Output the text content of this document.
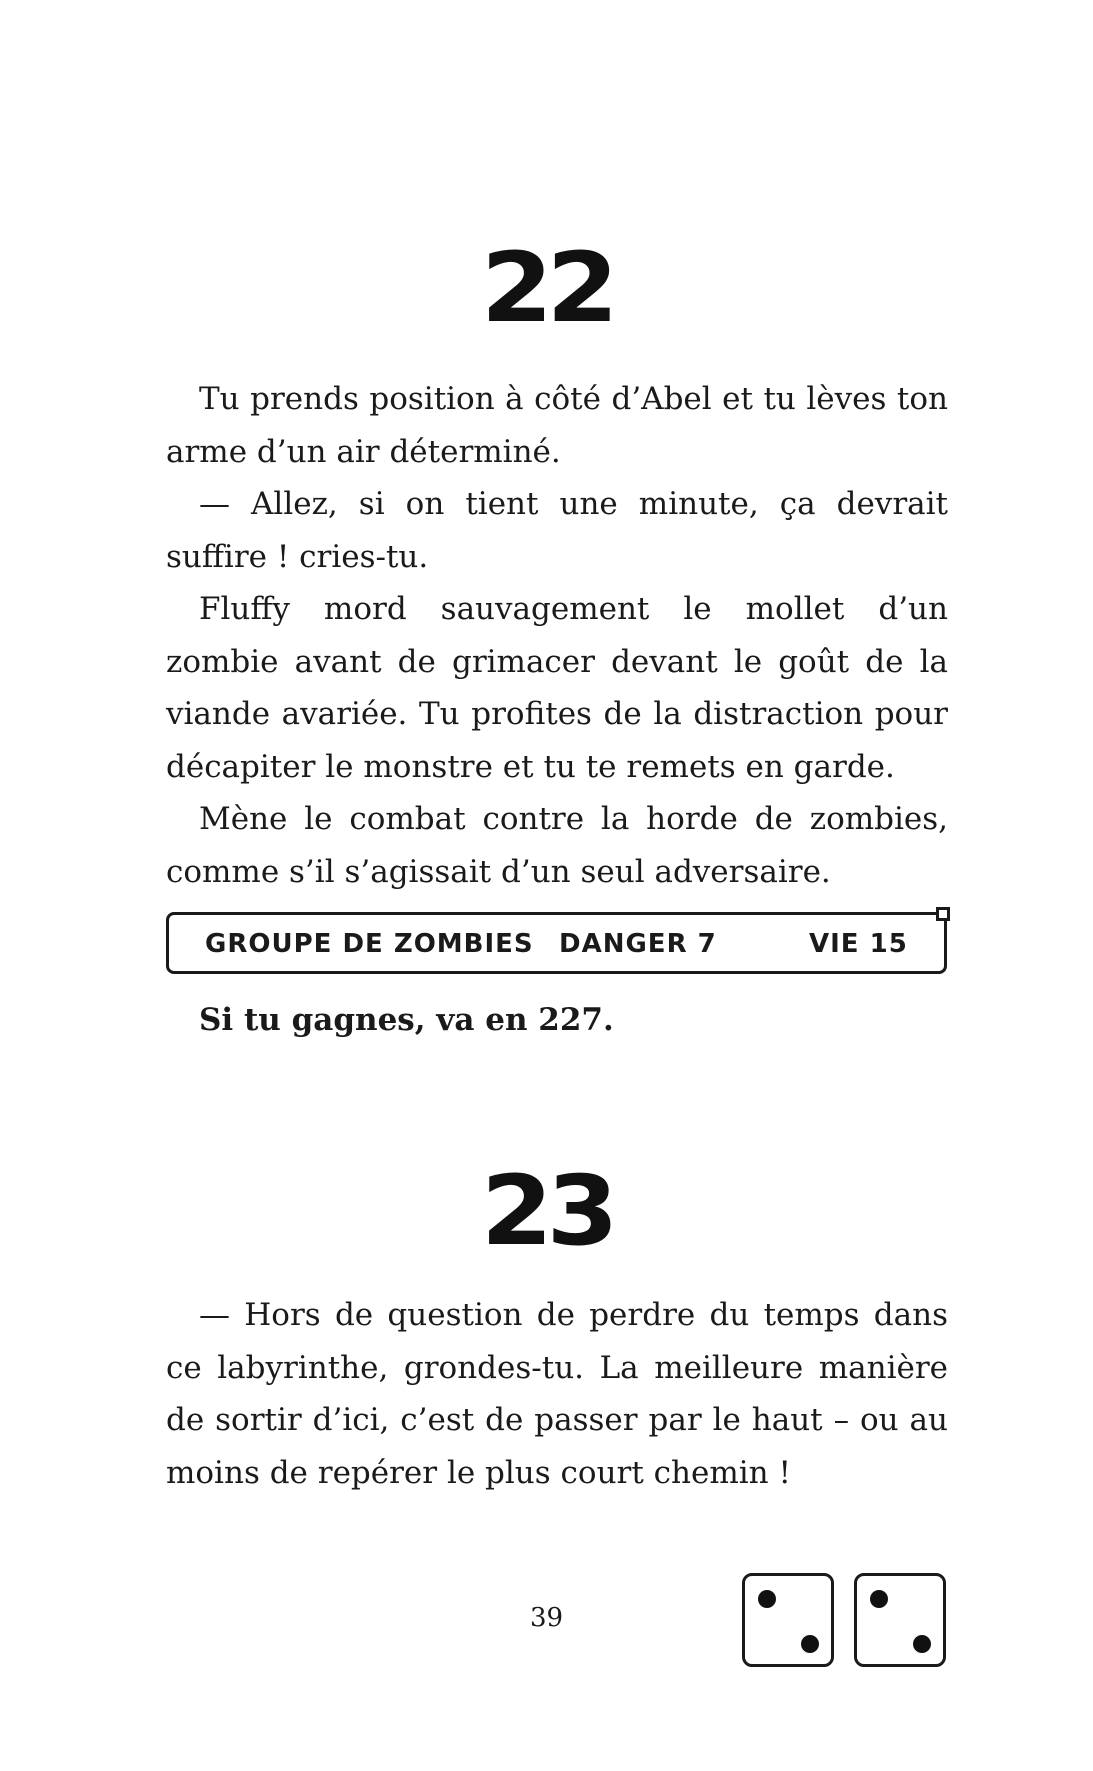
22

Tu prends position à côté d’Abel et tu lèves ton arme d’un air déterminé.

— Allez, si on tient une minute, ça devrait suffire ! cries-tu.

Fluffy mord sauvagement le mollet d’un zombie avant de grimacer devant le goût de la viande avariée. Tu profites de la distraction pour décapiter le monstre et tu te remets en garde.

Mène le combat contre la horde de zombies, comme s’il s’agissait d’un seul adversaire.

GROUPE DE ZOMBIES DANGER 7	VIE 15
Si tu gagnes, va en 227.
23

— Hors de question de perdre du temps dans ce labyrinthe, grondes-tu. La meilleure manière de sortir d’ici, c’est de passer par le haut – ou au moins de repérer le plus court chemin !

39
